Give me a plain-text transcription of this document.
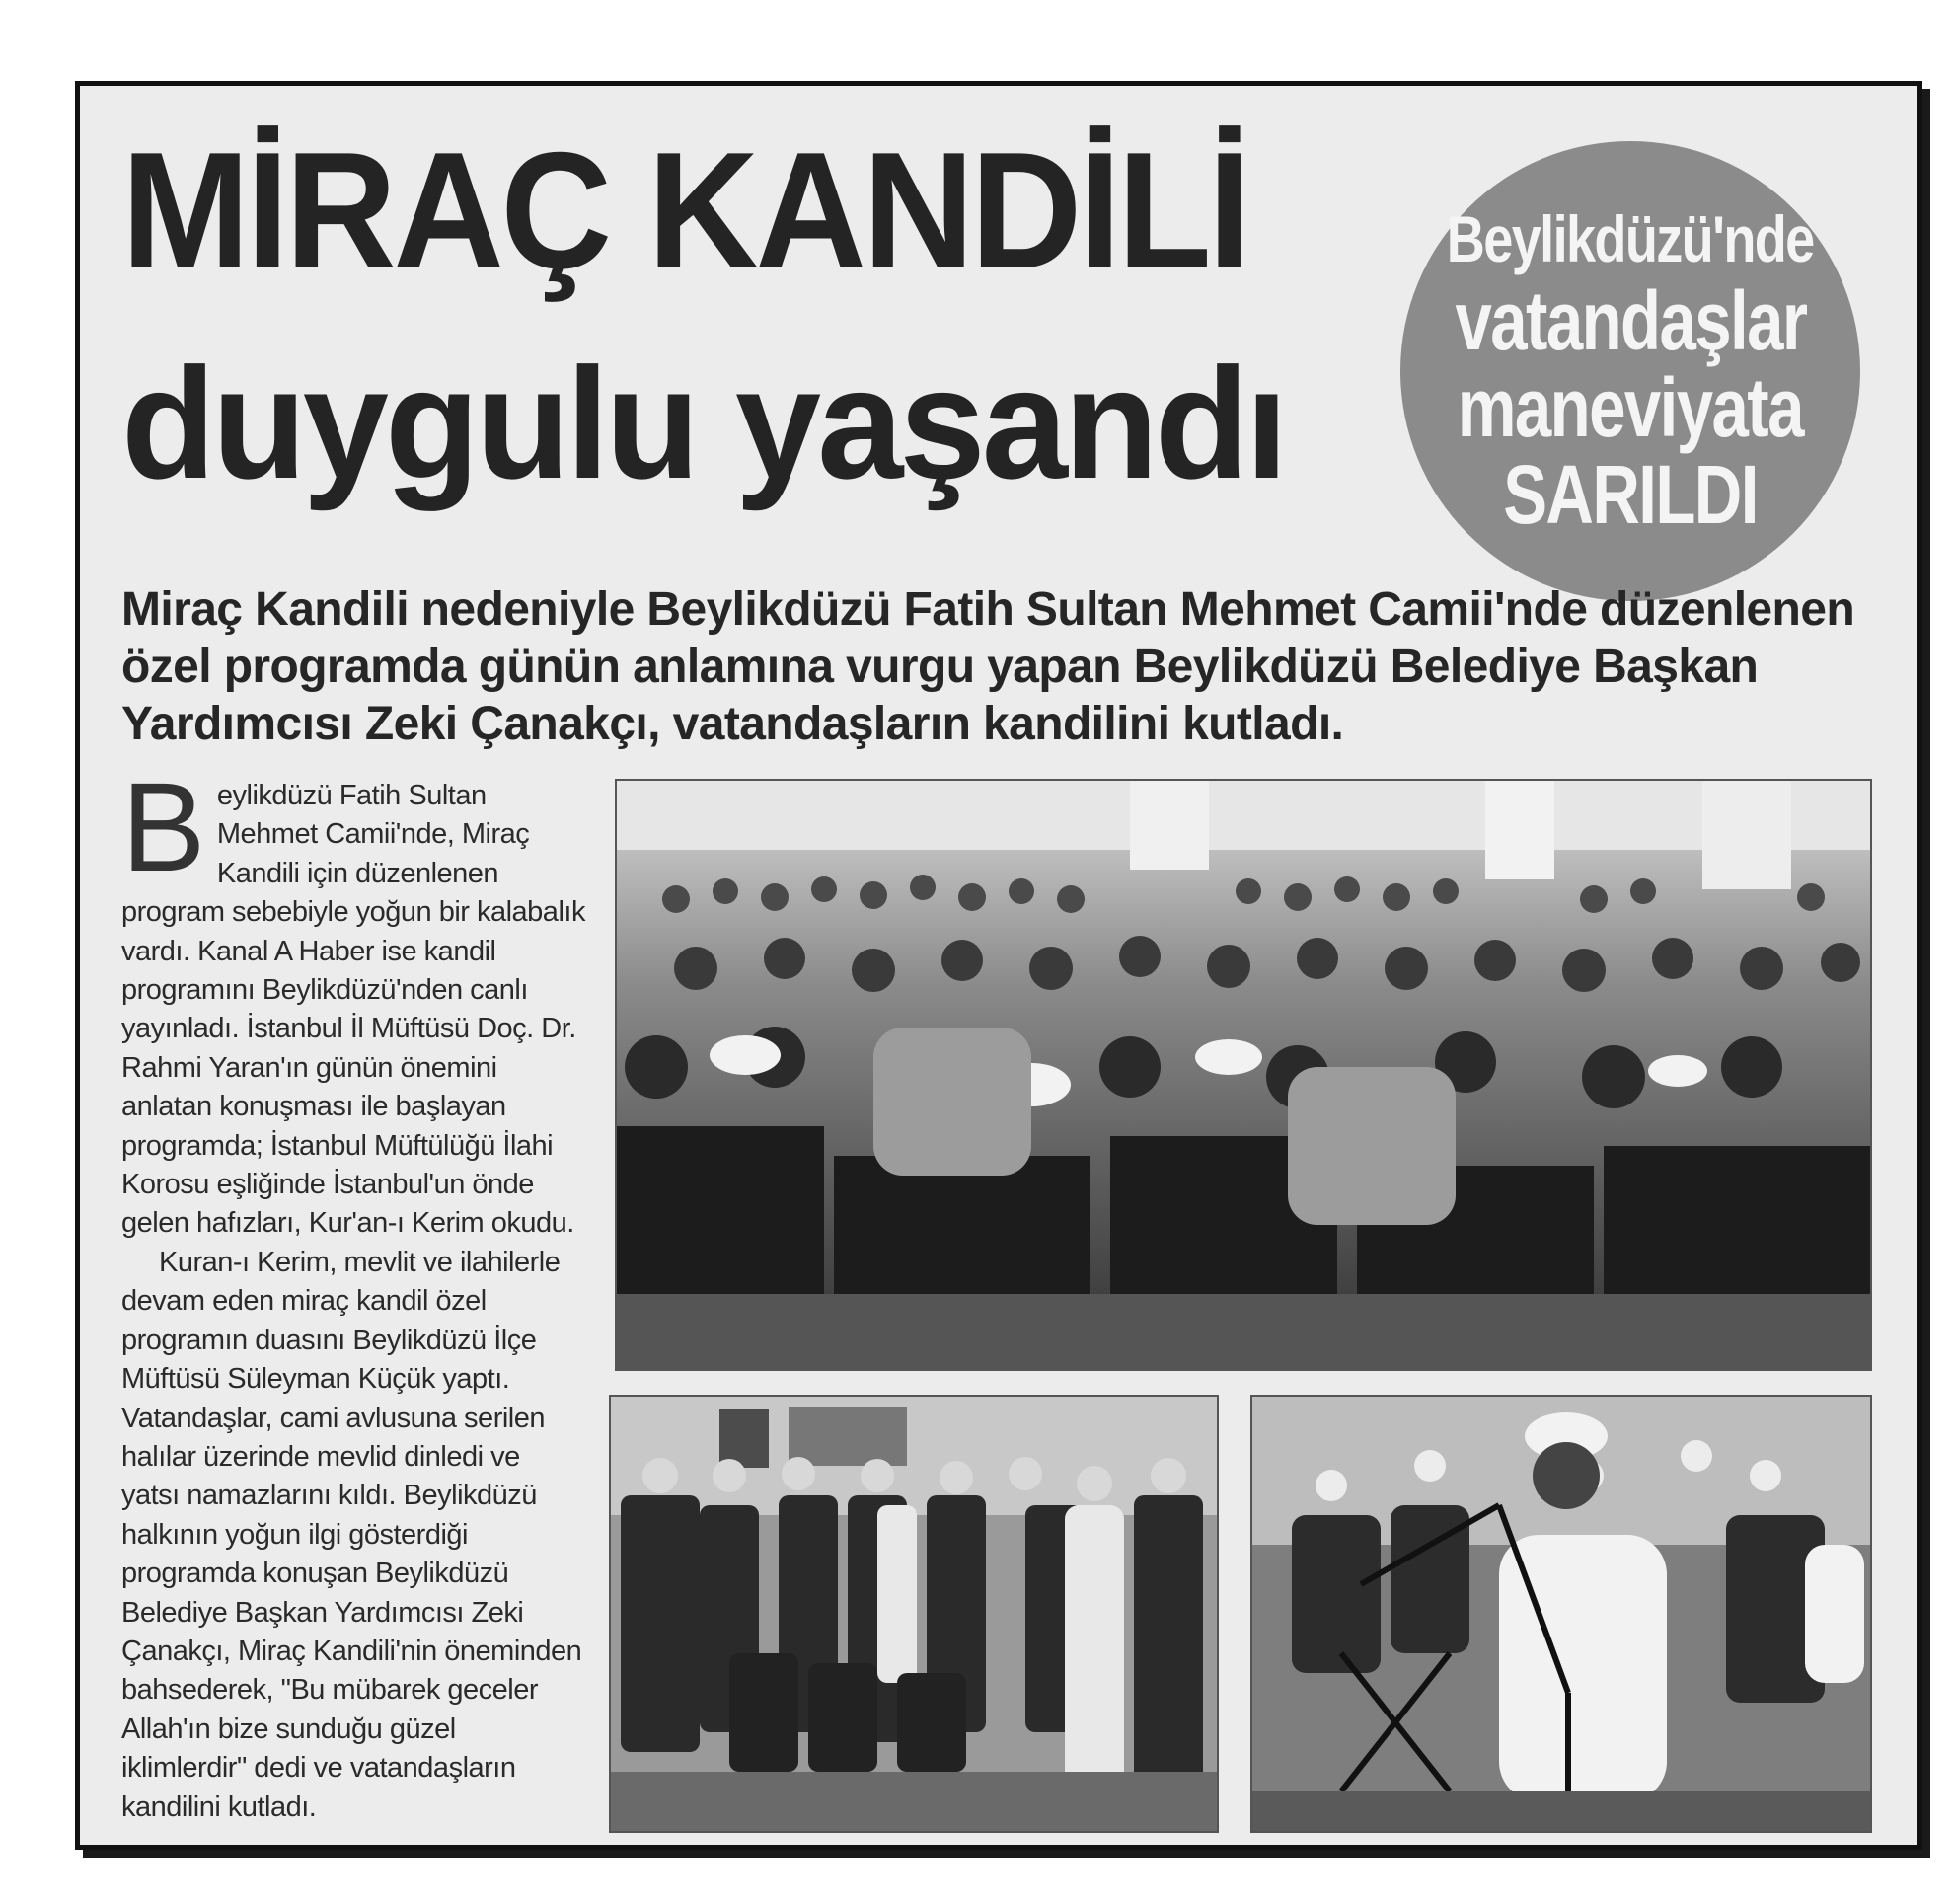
MİRAÇ KANDİLİ
duygulu yaşandı
Beylikdüzü'nde
vatandaşlar
maneviyata
SARILDI
Miraç Kandili nedeniyle Beylikdüzü Fatih Sultan Mehmet Camii'nde düzenlenen özel programda günün anlamına vurgu yapan Beylikdüzü Belediye Başkan Yardımcısı Zeki Çanakçı, vatandaşların kandilini kutladı.

Beylikdüzü Fatih Sultan Mehmet Camii'nde, Miraç Kandili için düzenlenen program sebebiyle yoğun bir kalabalık vardı. Kanal A Haber ise kandil programını Beylikdüzü'nden canlı yayınladı. İstanbul İl Müftüsü Doç. Dr. Rahmi Yaran'ın günün önemini anlatan konuşması ile başlayan programda; İstanbul Müftülüğü İlahi Korosu eşliğinde İstanbul'un önde gelen hafızları, Kur'an-ı Kerim okudu.

Kuran-ı Kerim, mevlit ve ilahilerle devam eden miraç kandil özel programın duasını Beylikdüzü İlçe Müftüsü Süleyman Küçük yaptı. Vatandaşlar, cami avlusuna serilen halılar üzerinde mevlid dinledi ve yatsı namazlarını kıldı. Beylikdüzü halkının yoğun ilgi gösterdiği programda konuşan Beylikdüzü Belediye Başkan Yardımcısı Zeki Çanakçı, Miraç Kandili'nin öneminden bahsederek, "Bu mübarek geceler Allah'ın bize sunduğu güzel iklimlerdir" dedi ve vatandaşların kandilini kutladı.
